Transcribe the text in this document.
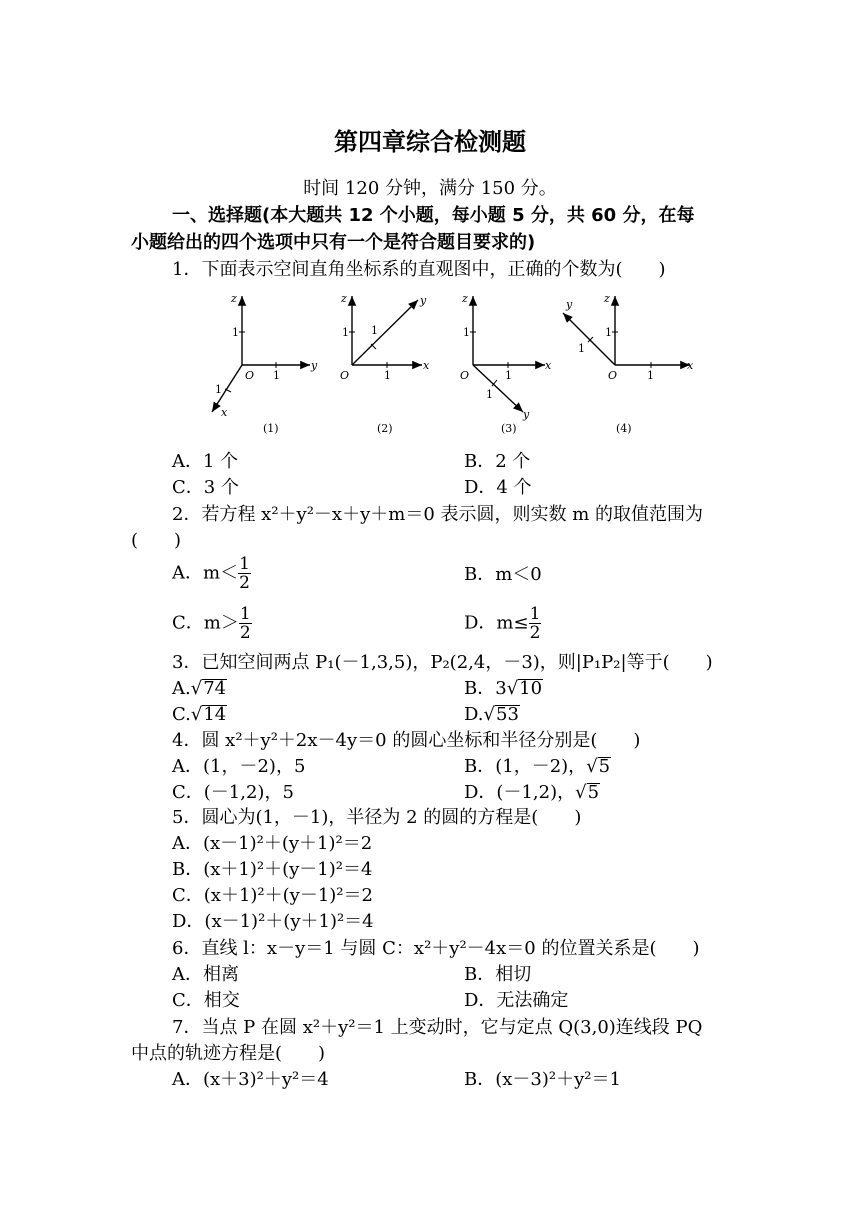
第四章综合检测题
时间 120 分钟，满分 150 分。
一、选择题(本大题共 12 个小题，每小题 5 分，共 60 分，在每
小题给出的四个选项中只有一个是符合题目要求的)
1．下面表示空间直角坐标系的直观图中，正确的个数为(　　)
z
1
O 1
y
1
x
(1)
z
1
O	1
x
1
y
(2)
z
1
O	1
x
1
y
(3)
z
1
O	1
x
1
y
(4)
A．1 个	B．2 个
C．3 个	D．4 个
2．若方程 x²＋y²－x＋y＋m＝0 表示圆，则实数 m 的取值范围为
(　　)
A．$m< \frac{1}{2}$	B．m＜0
C．$m> \frac{1}{2}$	D．$m\le \frac{1}{2}$
3．已知空间两点 P₁(－1,3,5)，P₂(2,4，－3)，则|P₁P₂|等于(　　)
A.√74	B．3√10
C.√14	D.√53
4．圆 x²＋y²＋2x－4y＝0 的圆心坐标和半径分别是(　　)
A．(1，－2)，5	B．(1，－2)，√5
C．(－1,2)，5	D．(－1,2)，√5
5．圆心为(1，－1)，半径为 2 的圆的方程是(　　)
A．(x－1)²＋(y＋1)²＝2
B．(x＋1)²＋(y－1)²＝4
C．(x＋1)²＋(y－1)²＝2
D．(x－1)²＋(y＋1)²＝4
6．直线 l：x－y＝1 与圆 C：x²＋y²－4x＝0 的位置关系是(　　)
A．相离	B．相切
C．相交	D．无法确定
7．当点 P 在圆 x²＋y²＝1 上变动时，它与定点 Q(3,0)连线段 PQ
中点的轨迹方程是(　　)
A．(x＋3)²＋y²＝4	B．(x－3)²＋y²＝1
